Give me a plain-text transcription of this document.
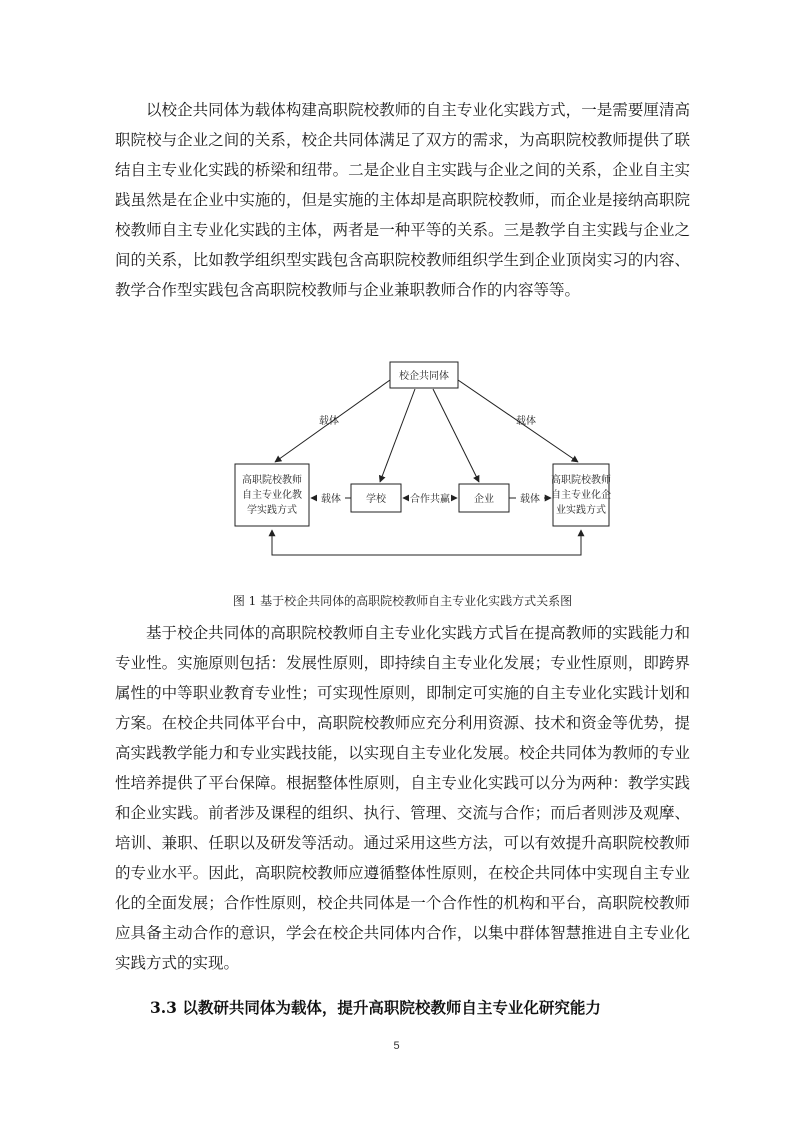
以校企共同体为载体构建高职院校教师的自主专业化实践方式，一是需要厘清高职院校与企业之间的关系，校企共同体满足了双方的需求，为高职院校教师提供了联结自主专业化实践的桥梁和纽带。二是企业自主实践与企业之间的关系，企业自主实践虽然是在企业中实施的，但是实施的主体却是高职院校教师，而企业是接纳高职院校教师自主专业化实践的主体，两者是一种平等的关系。三是教学自主实践与企业之间的关系，比如教学组织型实践包含高职院校教师组织学生到企业顶岗实习的内容、教学合作型实践包含高职院校教师与企业兼职教师合作的内容等等。

校企共同体
高职院校教师
自主专业化教
学实践方式
高职院校教师
自主专业化企
业实践方式
学校	企业
载体	载体
载体	载体
合作共赢
图 1 基于校企共同体的高职院校教师自主专业化实践方式关系图

基于校企共同体的高职院校教师自主专业化实践方式旨在提高教师的实践能力和专业性。实施原则包括：发展性原则，即持续自主专业化发展；专业性原则，即跨界属性的中等职业教育专业性；可实现性原则，即制定可实施的自主专业化实践计划和方案。在校企共同体平台中，高职院校教师应充分利用资源、技术和资金等优势，提高实践教学能力和专业实践技能，以实现自主专业化发展。校企共同体为教师的专业性培养提供了平台保障。根据整体性原则，自主专业化实践可以分为两种：教学实践和企业实践。前者涉及课程的组织、执行、管理、交流与合作；而后者则涉及观摩、培训、兼职、任职以及研发等活动。通过采用这些方法，可以有效提升高职院校教师的专业水平。因此，高职院校教师应遵循整体性原则，在校企共同体中实现自主专业化的全面发展；合作性原则，校企共同体是一个合作性的机构和平台，高职院校教师应具备主动合作的意识，学会在校企共同体内合作，以集中群体智慧推进自主专业化实践方式的实现。

3.3 以教研共同体为载体，提升高职院校教师自主专业化研究能力
5
